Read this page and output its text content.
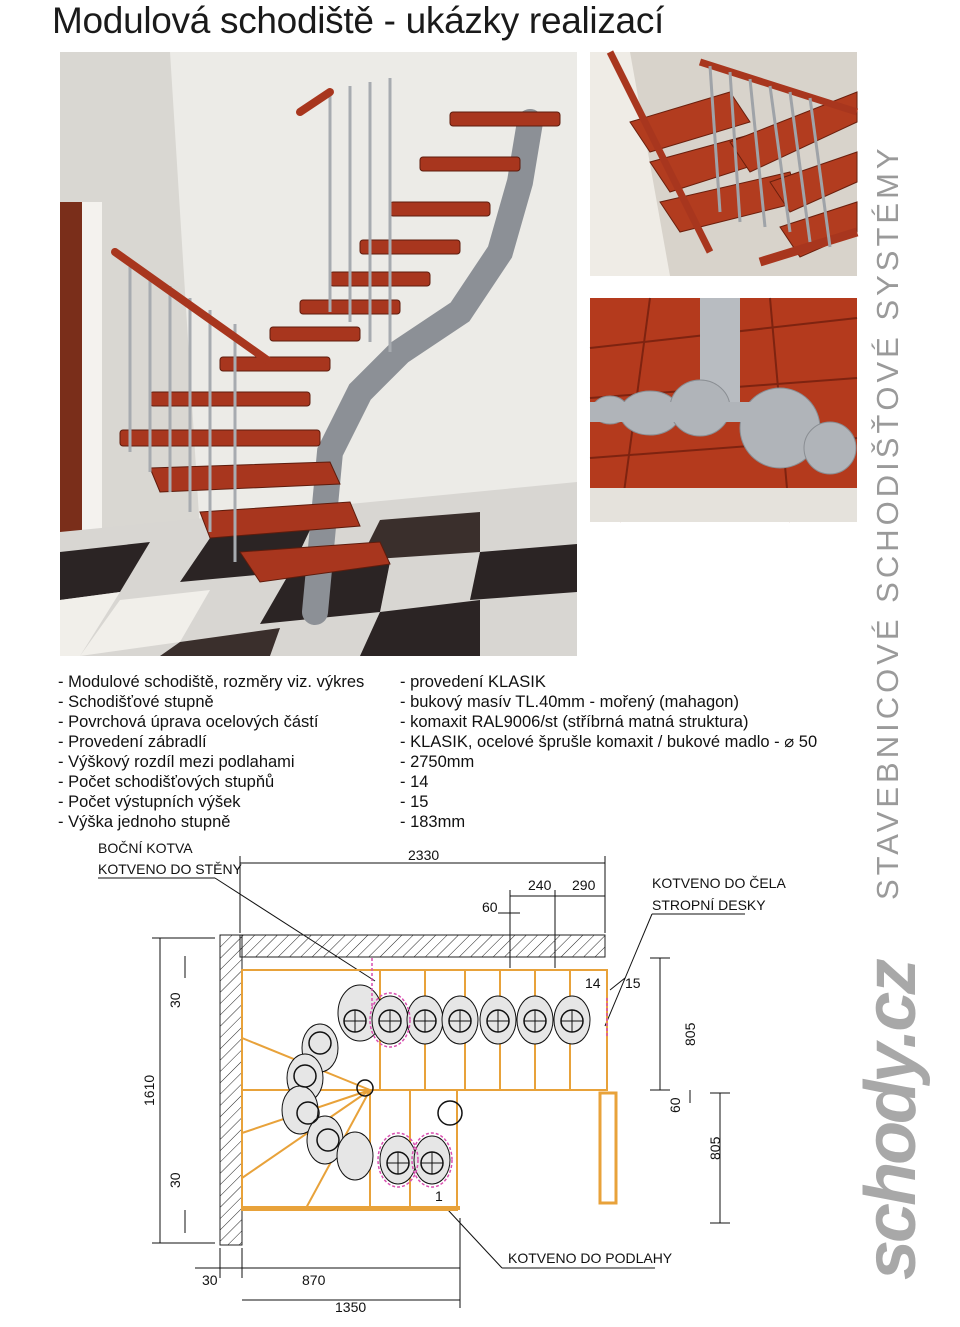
Modulová schodiště - ukázky realizací
- Modulové schodiště, rozměry viz. výkres - provedení KLASIK
- Schodišťové stupně	- bukový masív TL.40mm - mořený (mahagon)
- Povrchová úprava ocelových částí	- komaxit RAL9006/st (stříbrná matná struktura)
- Provedení zábradlí	- KLASIK, ocelové šprušle komaxit / bukové madlo - ⌀ 50
- Výškový rozdíl mezi podlahami	- 2750mm
- Počet schodišťových stupňů	- 14
- Počet výstupních výšek	- 15
- Výška jednoho stupně	- 183mm	STAVEBNICOVÉ SCHODIŠŤOVÉ SYSTÉMY
schody.cz
BOČNÍ KOTVA
KOTVENO DO STĚNY
KOTVENO DO ČELA
STROPNÍ DESKY
KOTVENO DO PODLAHY
2330
240 290
60
14 15
1
805
60
805
1610
30
30
30	870
1350
